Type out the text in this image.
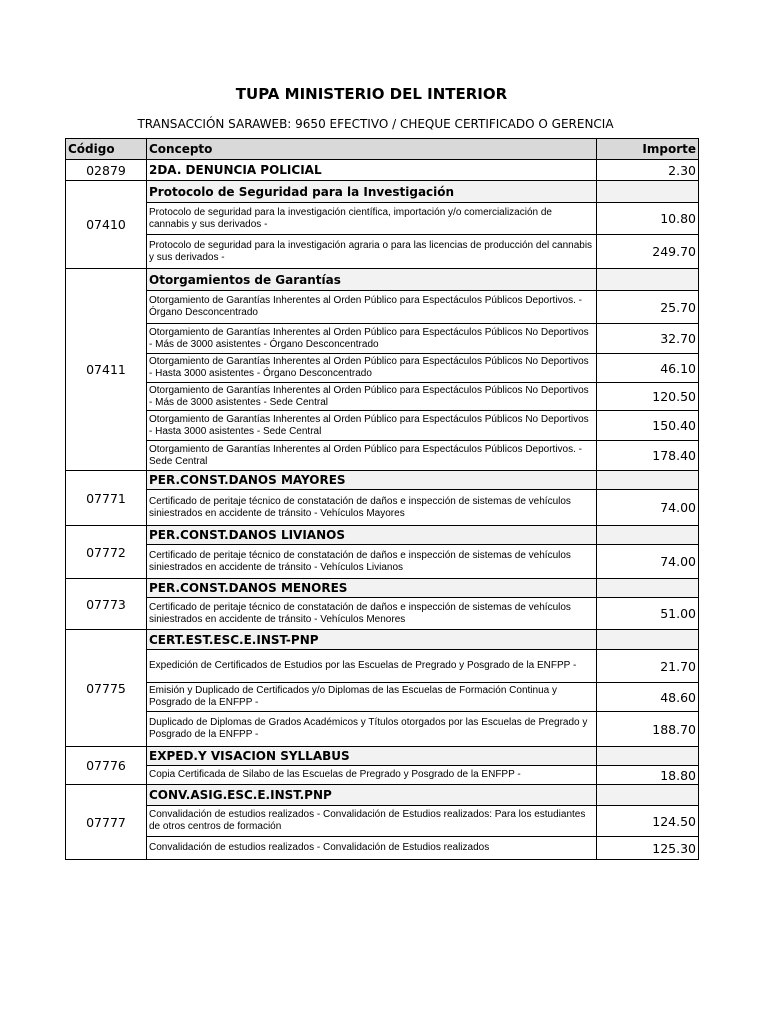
TUPA MINISTERIO DEL INTERIOR
TRANSACCIÓN SARAWEB: 9650 EFECTIVO / CHEQUE CERTIFICADO O GERENCIA
Código	Concepto	Importe
02879	2DA. DENUNCIA POLICIAL	2.30
07410	Protocolo de Seguridad para la Investigación	
	Protocolo de seguridad para la investigación científica, importación y/o comercialización de cannabis y sus derivados -	10.80
	Protocolo de seguridad para la investigación agraria o para las licencias de producción del cannabis y sus derivados -	249.70
07411	Otorgamientos de Garantías	
	Otorgamiento de Garantías Inherentes al Orden Público para Espectáculos Públicos Deportivos. - Órgano Desconcentrado	25.70
	Otorgamiento de Garantías Inherentes al Orden Público para Espectáculos Públicos No Deportivos - Más de 3000 asistentes - Órgano Desconcentrado	32.70
	Otorgamiento de Garantías Inherentes al Orden Público para Espectáculos Públicos No Deportivos - Hasta 3000 asistentes - Órgano Desconcentrado	46.10
	Otorgamiento de Garantías Inherentes al Orden Público para Espectáculos Públicos No Deportivos - Más de 3000 asistentes - Sede Central	120.50
	Otorgamiento de Garantías Inherentes al Orden Público para Espectáculos Públicos No Deportivos - Hasta 3000 asistentes - Sede Central	150.40
	Otorgamiento de Garantías Inherentes al Orden Público para Espectáculos Públicos Deportivos. - Sede Central	178.40
07771	PER.CONST.DANOS MAYORES	
	Certificado de peritaje técnico de constatación de daños e inspección de sistemas de vehículos siniestrados en accidente de tránsito - Vehículos Mayores	74.00
07772	PER.CONST.DANOS LIVIANOS	
	Certificado de peritaje técnico de constatación de daños e inspección de sistemas de vehículos siniestrados en accidente de tránsito - Vehículos Livianos	74.00
07773	PER.CONST.DANOS MENORES	
	Certificado de peritaje técnico de constatación de daños e inspección de sistemas de vehículos siniestrados en accidente de tránsito - Vehículos Menores	51.00
07775	CERT.EST.ESC.E.INST-PNP	
	Expedición de Certificados de Estudios por las Escuelas de Pregrado y Posgrado de la ENFPP -	21.70
	Emisión y Duplicado de Certificados y/o Diplomas de las Escuelas de Formación Continua y Posgrado de la ENFPP -	48.60
	Duplicado de Diplomas de Grados Académicos y Títulos otorgados por las Escuelas de Pregrado y Posgrado de la ENFPP -	188.70
07776	EXPED.Y VISACION SYLLABUS	
	Copia Certificada de Silabo de las Escuelas de Pregrado y Posgrado de la ENFPP -	18.80
07777	CONV.ASIG.ESC.E.INST.PNP	
	Convalidación de estudios realizados - Convalidación de Estudios realizados: Para los estudiantes de otros centros de formación	124.50
	Convalidación de estudios realizados - Convalidación de Estudios realizados	125.30
